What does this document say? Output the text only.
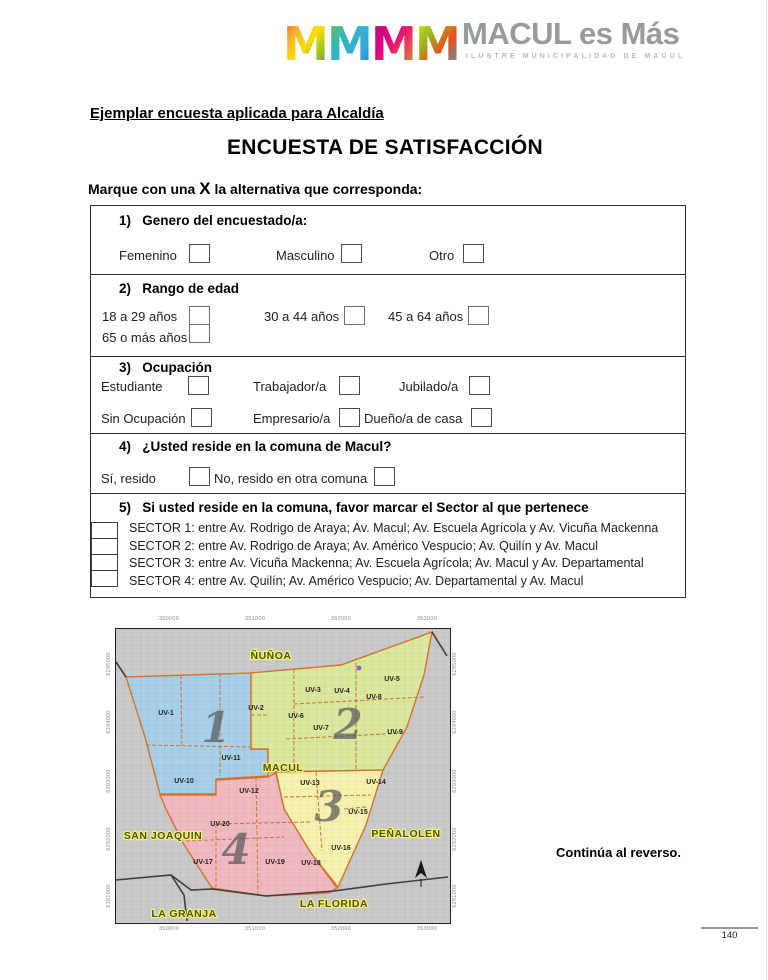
M
M
M
M MACUL es Más
ILUSTRE MUNICIPALIDAD DE MACUL
Ejemplar encuesta aplicada para Alcaldía
ENCUESTA DE SATISFACCIÓN
Marque con una X la alternativa que corresponda:
1)   Genero del encuestado/a:
Femenino	Masculino	Otro
2)   Rango de edad
18 a 29 años
65 o más años
30 a 44 años	45 a 64 años
3)   Ocupación
Estudiante	Trabajador/a	Jubilado/a
Sin Ocupación	Empresario/a	Dueño/a de casa
4)   ¿Usted reside en la comuna de Macul?
Sí, resido	No, resido en otra comuna
5)   Si usted reside en la comuna, favor marcar el Sector al que pertenece
SECTOR 1: entre Av. Rodrigo de Araya; Av. Macul; Av. Escuela Agrícola y Av. Vicuña Mackenna
SECTOR 2: entre Av. Rodrigo de Araya; Av. Américo Vespucio; Av. Quilín y Av. Macul
SECTOR 3: entre Av. Vicuña Mackenna; Av. Escuela Agrícola; Av. Macul y Av. Departamental
SECTOR 4: entre Av. Quilín; Av. Américo Vespucio; Av. Departamental y Av. Macul
1 2
3
4
UV-1
UV-2
UV-3 UV-4
UV-5
UV-6
UV-7
UV-8
UV-9
UV-10
UV-11
UV-12
UV-13	UV-14
UV-15
UV-16
UV-17	UV-18
UV-19
UV-20
ÑUÑOA
MACUL
SAN JOAQUIN	PEÑALOLEN
LA GRANJA
LA FLORIDA
350000	351000	352000	353000
350000	351000	352000	353000
6295000
6294000
6293000
6292000
6291000
6295000
6294000
6293000
6292000
6291000
Continúa al reverso.
140
